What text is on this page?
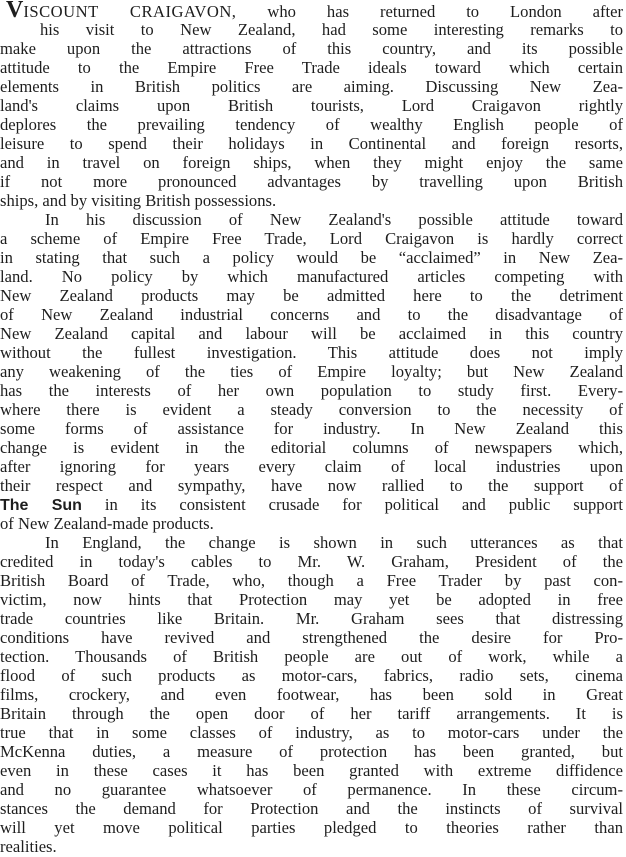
VISCOUNT CRAIGAVON, who has returned to London after
his visit to New Zealand, had some interesting remarks to
make upon the attractions of this country, and its possible
attitude to the Empire Free Trade ideals toward which certain
elements in British politics are aiming. Discussing New Zea-
land's claims upon British tourists, Lord Craigavon rightly
deplores the prevailing tendency of wealthy English people of
leisure to spend their holidays in Continental and foreign resorts,
and in travel on foreign ships, when they might enjoy the same
if not more pronounced advantages by travelling upon British
ships, and by visiting British possessions.
In his discussion of New Zealand's possible attitude toward
a scheme of Empire Free Trade, Lord Craigavon is hardly correct
in stating that such a policy would be “acclaimed” in New Zea-
land. No policy by which manufactured articles competing with
New Zealand products may be admitted here to the detriment
of New Zealand industrial concerns and to the disadvantage of
New Zealand capital and labour will be acclaimed in this country
without the fullest investigation. This attitude does not imply
any weakening of the ties of Empire loyalty; but New Zealand
has the interests of her own population to study first. Every-
where there is evident a steady conversion to the necessity of
some forms of assistance for industry. In New Zealand this
change is evident in the editorial columns of newspapers which,
after ignoring for years every claim of local industries upon
their respect and sympathy, have now rallied to the support of
The Sun in its consistent crusade for political and public support
of New Zealand-made products.
In England, the change is shown in such utterances as that
credited in today's cables to Mr. W. Graham, President of the
British Board of Trade, who, though a Free Trader by past con-
victim, now hints that Protection may yet be adopted in free
trade countries like Britain. Mr. Graham sees that distressing
conditions have revived and strengthened the desire for Pro-
tection. Thousands of British people are out of work, while a
flood of such products as motor-cars, fabrics, radio sets, cinema
films, crockery, and even footwear, has been sold in Great
Britain through the open door of her tariff arrangements. It is
true that in some classes of industry, as to motor-cars under the
McKenna duties, a measure of protection has been granted, but
even in these cases it has been granted with extreme diffidence
and no guarantee whatsoever of permanence. In these circum-
stances the demand for Protection and the instincts of survival
will yet move political parties pledged to theories rather than
realities.
